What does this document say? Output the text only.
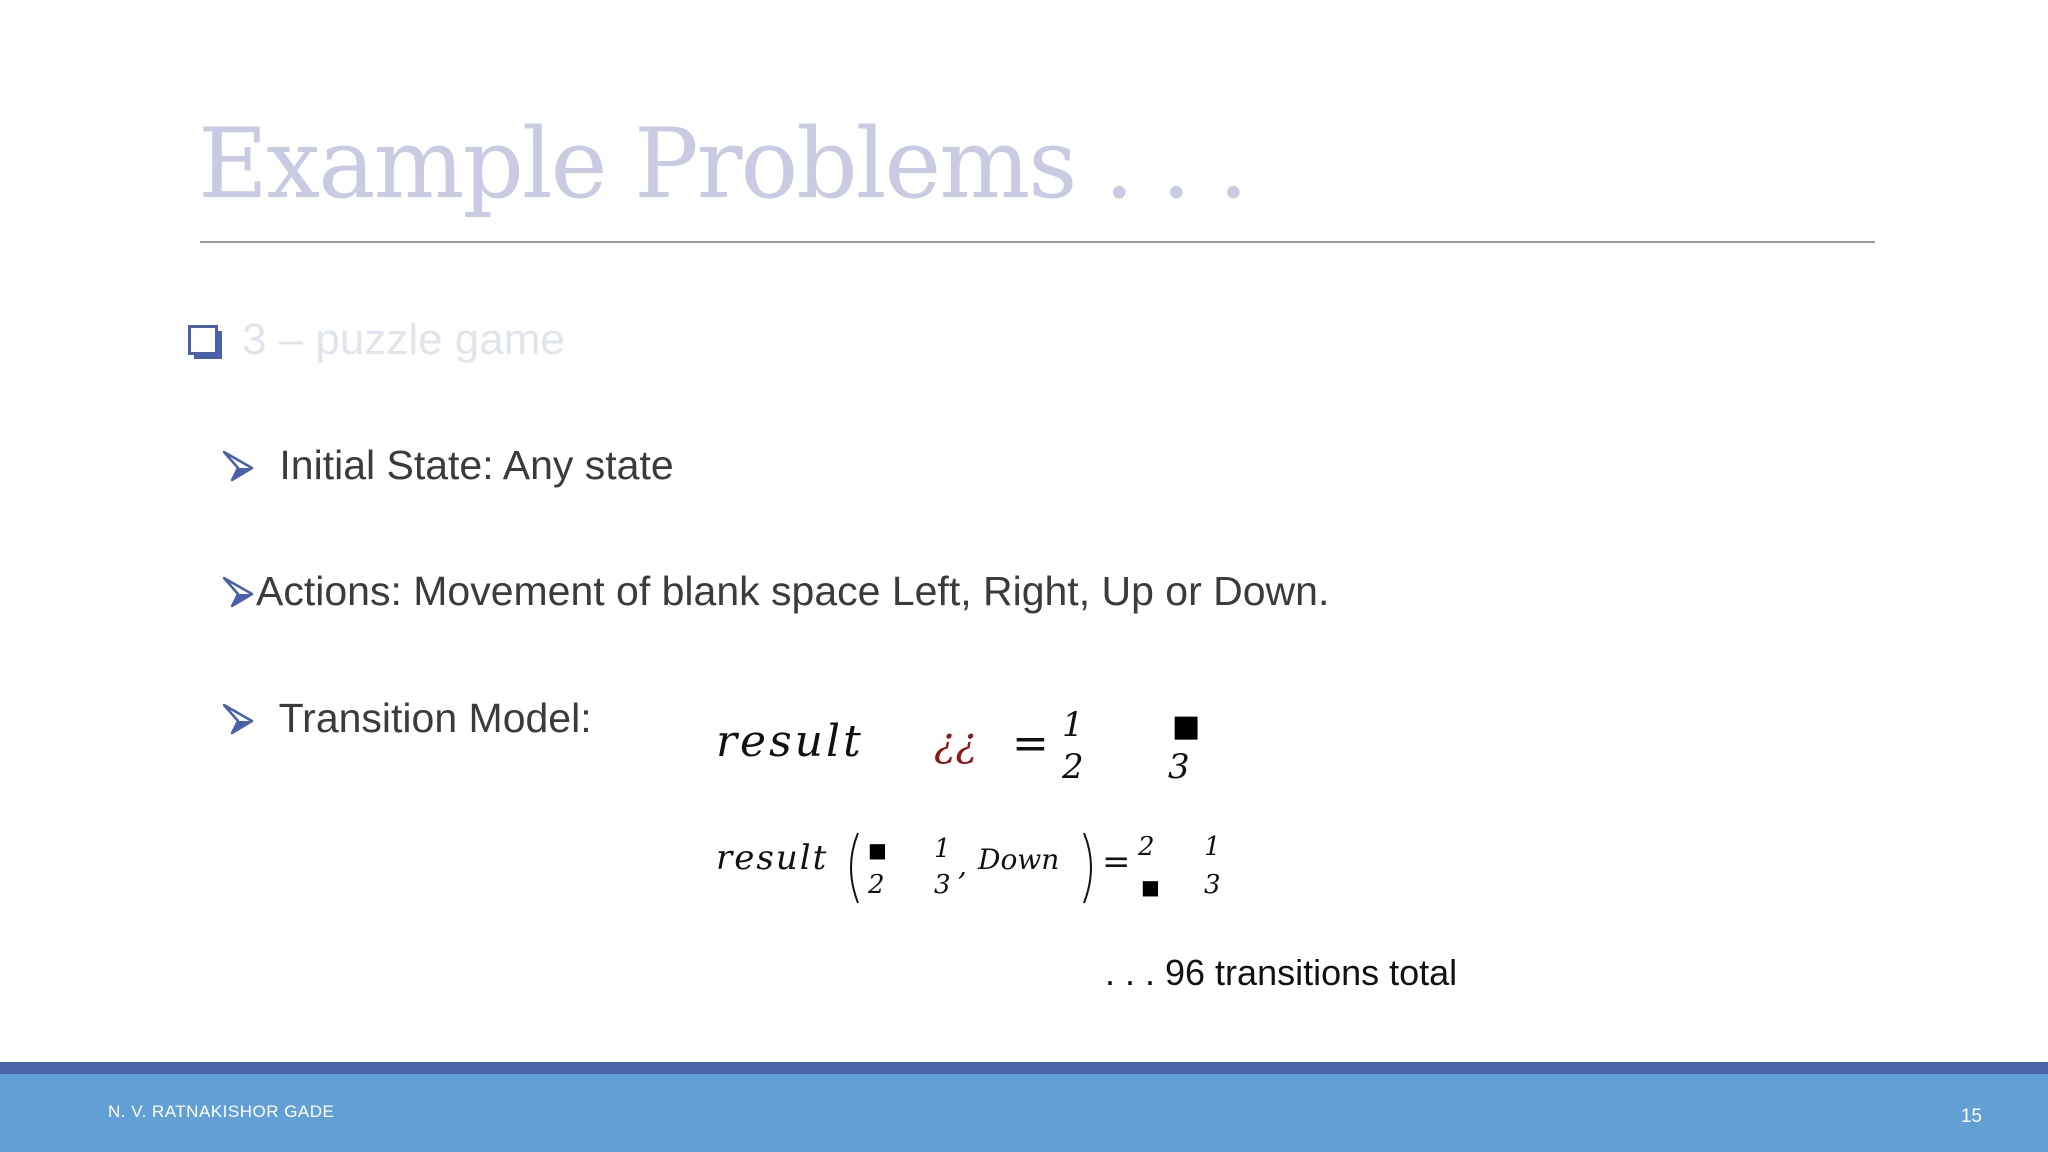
Example Problems . . .
3 – puzzle game
Initial State: Any state
Actions: Movement of blank space Left, Right, Up or Down.
Transition Model:	result ¿¿ = 1	■
2 3
result ■ 1
2 3
, Down = 2 1
■ 3
. . . 96 transitions total
N. V. RATNAKISHOR GADE	15
